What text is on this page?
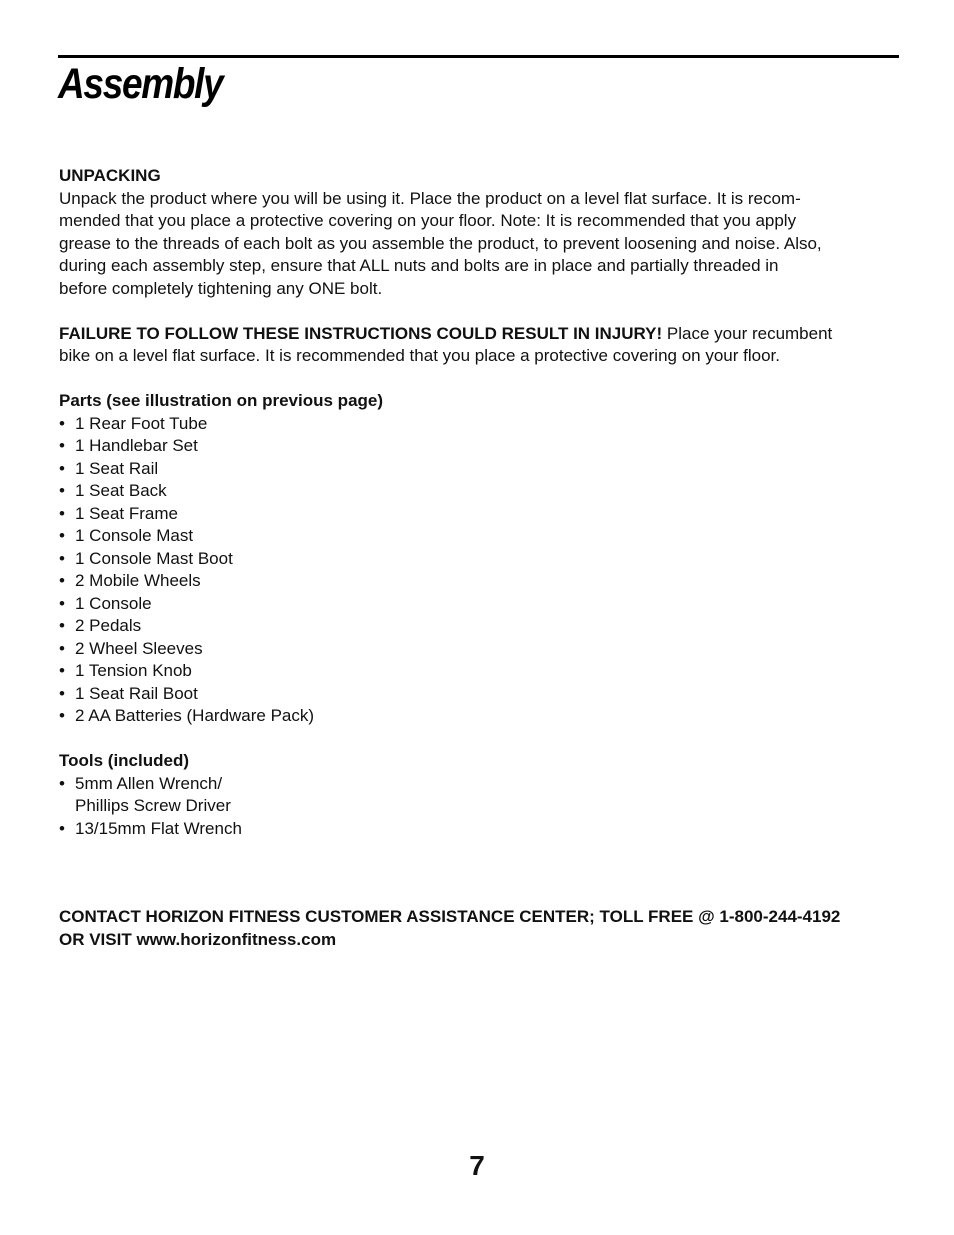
Assembly
UNPACKING

Unpack the product where you will be using it. Place the product on a level flat surface. It is recom-
mended that you place a protective covering on your floor. Note: It is recommended that you apply
grease to the threads of each bolt as you assemble the product, to prevent loosening and noise. Also,
during each assembly step, ensure that ALL nuts and bolts are in place and partially threaded in
before completely tightening any ONE bolt.

FAILURE TO FOLLOW THESE INSTRUCTIONS COULD RESULT IN INJURY! Place your recumbent
bike on a level flat surface. It is recommended that you place a protective covering on your floor.

Parts (see illustration on previous page)
• 1 Rear Foot Tube
• 1 Handlebar Set
• 1 Seat Rail
• 1 Seat Back
• 1 Seat Frame
• 1 Console Mast
• 1 Console Mast Boot
• 2 Mobile Wheels
• 1 Console
• 2 Pedals
• 2 Wheel Sleeves
• 1 Tension Knob
• 1 Seat Rail Boot
• 2 AA Batteries (Hardware Pack)
Tools (included)
• 5mm Allen Wrench/
Phillips Screw Driver
• 13/15mm Flat Wrench
CONTACT HORIZON FITNESS CUSTOMER ASSISTANCE CENTER; TOLL FREE @ 1-800-244-4192
OR VISIT www.horizonfitness.com
7
